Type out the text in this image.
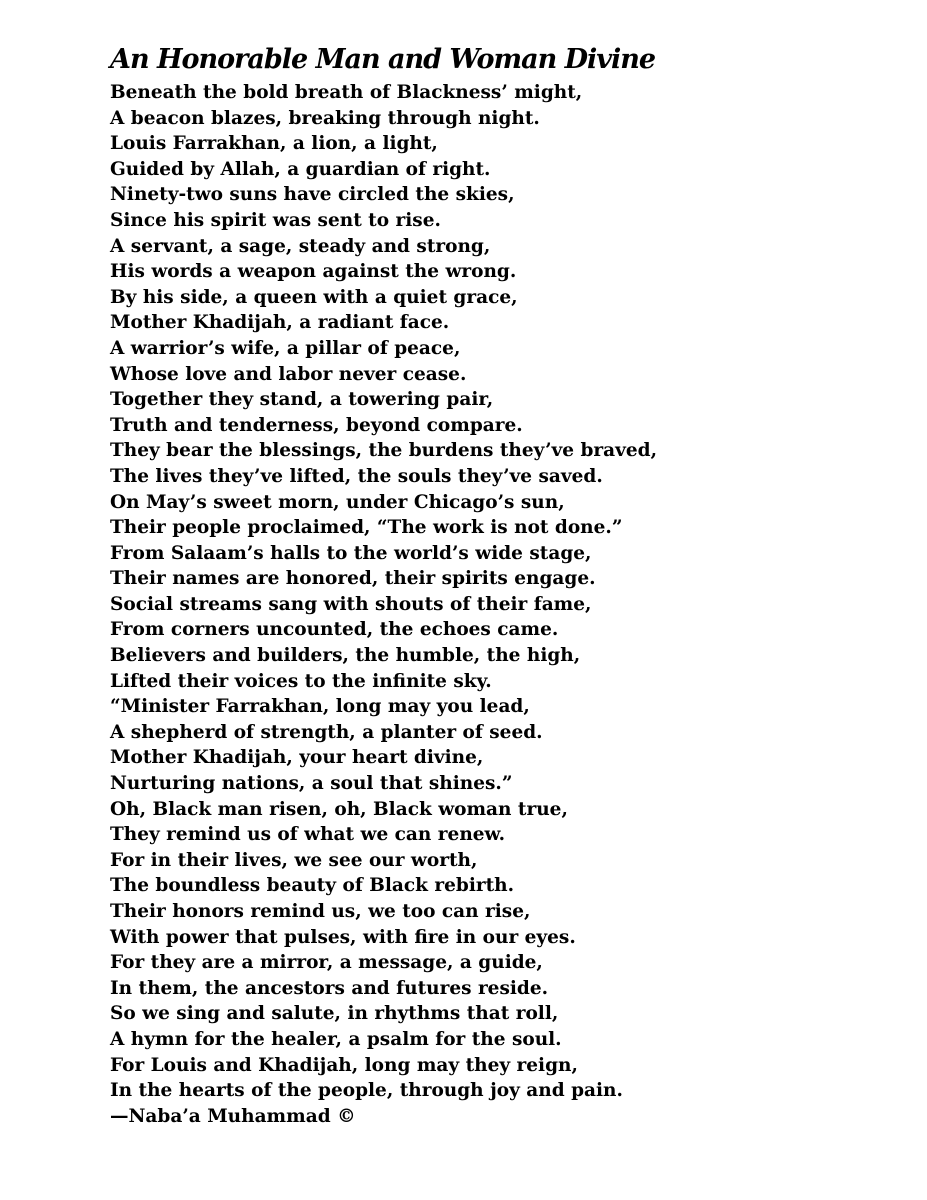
An Honorable Man and Woman Divine
Beneath the bold breath of Blackness’ might,
A beacon blazes, breaking through night.
Louis Farrakhan, a lion, a light,
Guided by Allah, a guardian of right.
Ninety-two suns have circled the skies,
Since his spirit was sent to rise.
A servant, a sage, steady and strong,
His words a weapon against the wrong.
By his side, a queen with a quiet grace,
Mother Khadijah, a radiant face.
A warrior’s wife, a pillar of peace,
Whose love and labor never cease.
Together they stand, a towering pair,
Truth and tenderness, beyond compare.
They bear the blessings, the burdens they’ve braved,
The lives they’ve lifted, the souls they’ve saved.
On May’s sweet morn, under Chicago’s sun,
Their people proclaimed, “The work is not done.”
From Salaam’s halls to the world’s wide stage,
Their names are honored, their spirits engage.
Social streams sang with shouts of their fame,
From corners uncounted, the echoes came.
Believers and builders, the humble, the high,
Lifted their voices to the infinite sky.
“Minister Farrakhan, long may you lead,
A shepherd of strength, a planter of seed.
Mother Khadijah, your heart divine,
Nurturing nations, a soul that shines.”
Oh, Black man risen, oh, Black woman true,
They remind us of what we can renew.
For in their lives, we see our worth,
The boundless beauty of Black rebirth.
Their honors remind us, we too can rise,
With power that pulses, with fire in our eyes.
For they are a mirror, a message, a guide,
In them, the ancestors and futures reside.
So we sing and salute, in rhythms that roll,
A hymn for the healer, a psalm for the soul.
For Louis and Khadijah, long may they reign,
In the hearts of the people, through joy and pain.
—Naba’a Muhammad ©
